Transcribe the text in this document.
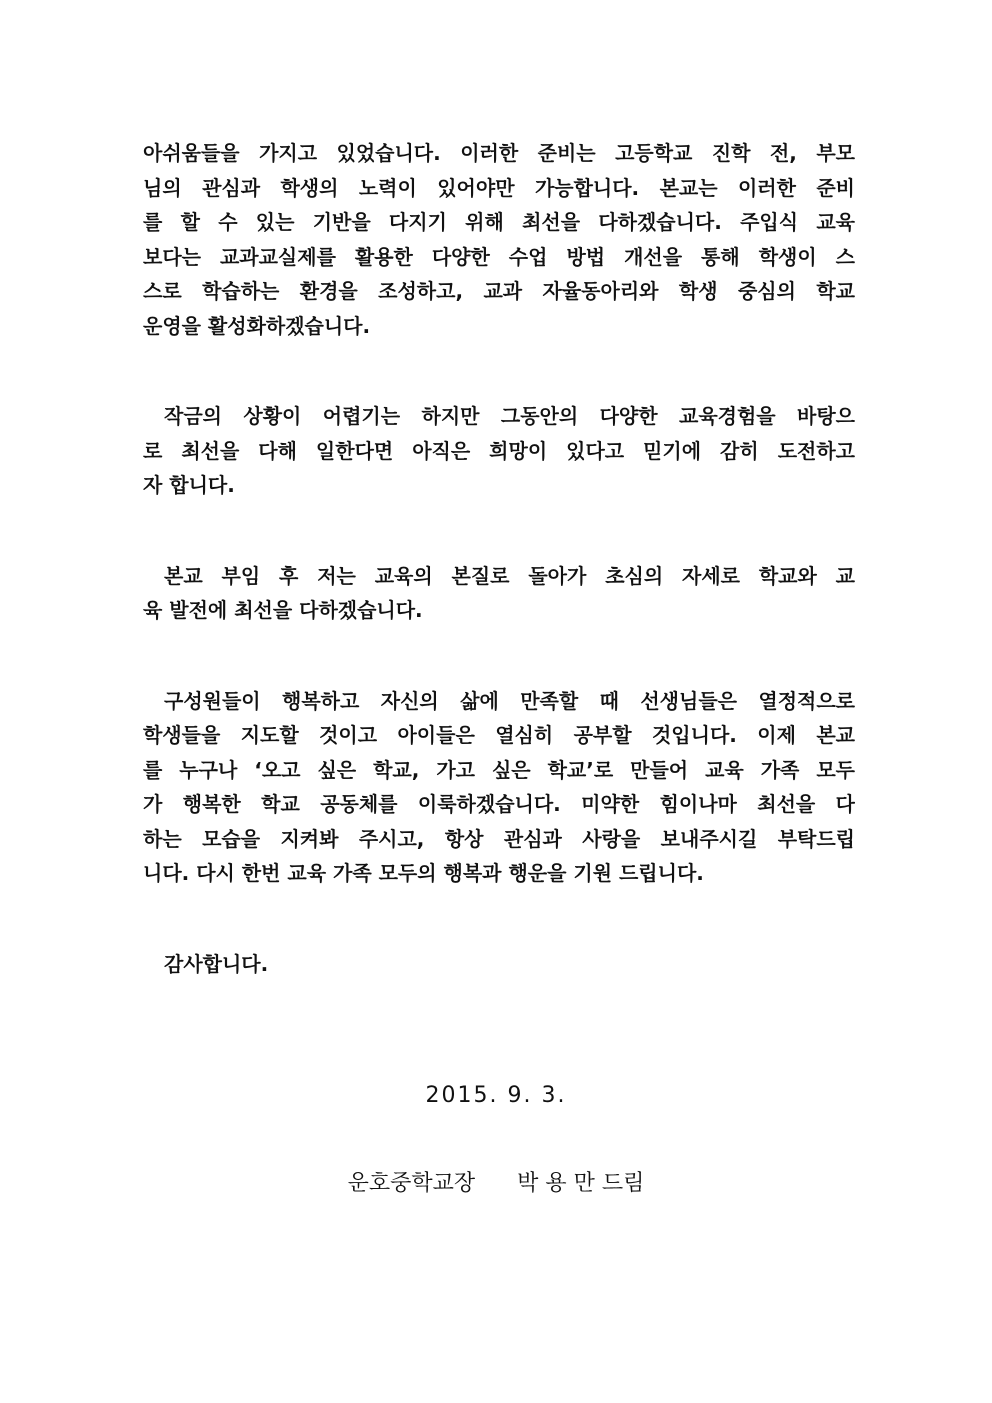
아쉬움들을 가지고 있었습니다. 이러한 준비는 고등학교 진학 전, 부모
님의 관심과 학생의 노력이 있어야만 가능합니다. 본교는 이러한 준비
를 할 수 있는 기반을 다지기 위해 최선을 다하겠습니다. 주입식 교육
보다는 교과교실제를 활용한 다양한 수업 방법 개선을 통해 학생이 스
스로 학습하는 환경을 조성하고, 교과 자율동아리와 학생 중심의 학교
운영을 활성화하겠습니다.

작금의 상황이 어렵기는 하지만 그동안의 다양한 교육경험을 바탕으
로 최선을 다해 일한다면 아직은 희망이 있다고 믿기에 감히 도전하고
자 합니다.

본교 부임 후 저는 교육의 본질로 돌아가 초심의 자세로 학교와 교
육 발전에 최선을 다하겠습니다.

구성원들이 행복하고 자신의 삶에 만족할 때 선생님들은 열정적으로
학생들을 지도할 것이고 아이들은 열심히 공부할 것입니다. 이제 본교
를 누구나 ‘오고 싶은 학교, 가고 싶은 학교’로 만들어 교육 가족 모두
가 행복한 학교 공동체를 이룩하겠습니다. 미약한 힘이나마 최선을 다
하는 모습을 지켜봐 주시고, 항상 관심과 사랑을 보내주시길 부탁드립
니다. 다시 한번 교육 가족 모두의 행복과 행운을 기원 드립니다.

감사합니다.

2015. 9. 3.
운호중학교장 박 용 만 드림
